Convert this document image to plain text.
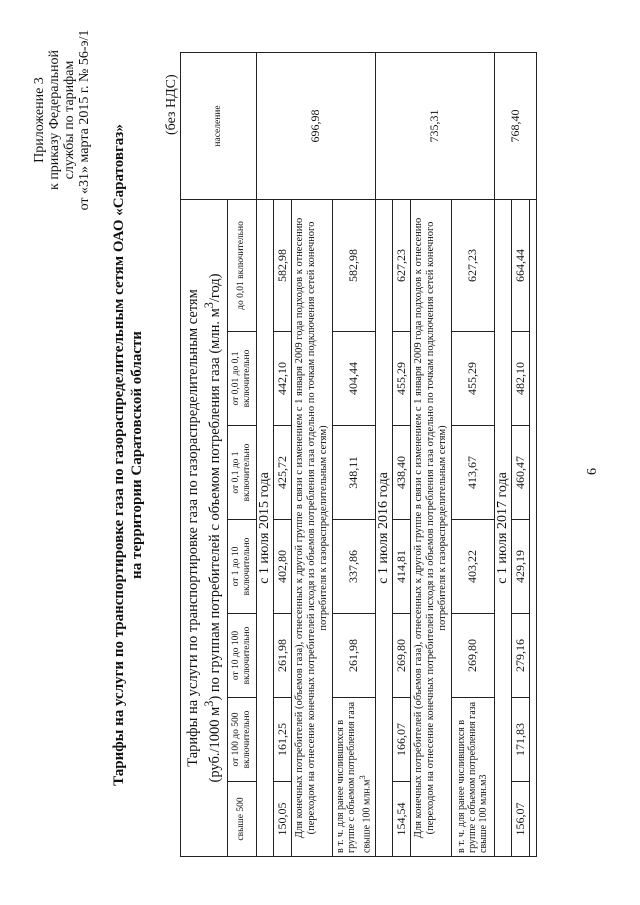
Приложение 3 к приказу Федеральной службы по тарифам от «31» марта 2015 г. № 56-э/1
Тарифы на услуги по транспортировке газа по газораспределительным сетям ОАО «Саратовгаз» на территории Саратовской области
(без НДС)
Тарифы на услуги по транспортировке газа по газораспределительным сетям (руб./1000 $м^3$) по группам потребителей с объемом потребления газа (млн. $м^3/год$)							население
свыше 500	от 100 до 500 включительно	от 10 до 100 включительно	от 1 до 10 включительно	от 0,1 до 1 включительно	от 0,01 до 0,1 включительно	до 0,01 включительно	
с 1 июля 2015 года							696,98
150,05	161,25	261,98	402,80	425,72	442,10	582,98	
Для конечных потребителей (объемов газа), отнесенных к другой группе в связи с изменением с 1 января 2009 года подходов к отнесению (переходом на отнесение конечных потребителей исходя из объемов потребления газа отдельно по точкам подключения сетей конечного потребителя к газораспределительным сетям)							
в т. ч. для ранее числившихся в группе с объемом потребления газа свыше 100 $млн.м^3$		261,98	337,86	348,11	404,44	582,98	
с 1 июля 2016 года							735,31
154,54	166,07	269,80	414,81	438,40	455,29	627,23	
Для конечных потребителей (объемов газа), отнесенных к другой группе в связи с изменением с 1 января 2009 года подходов к отнесению (переходом на отнесение конечных потребителей исходя из объемов потребления газа отдельно по точкам подключения сетей конечного потребителя к газораспределительным сетям)							
в т. ч. для ранее числившихся в группе с объемом потребления газа свыше 100 млн.м3		269,80	403,22	413,67	455,29	627,23	
с 1 июля 2017 года							768,40
156,07	171,83	279,16	429,19	460,47	482,10	664,44	

6
